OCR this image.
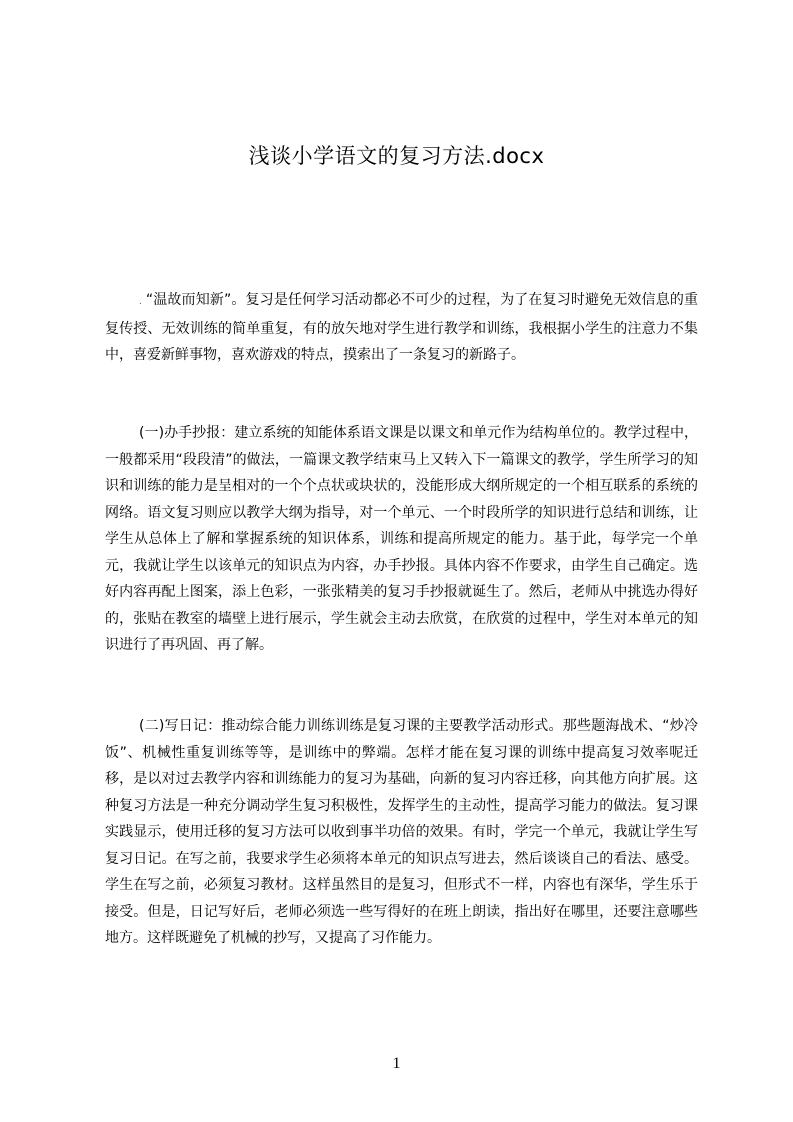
浅谈小学语文的复习方法.docx

. “温故而知新”。复习是任何学习活动都必不可少的过程，为了在复习时避免无效信息的重复传授、无效训练的简单重复，有的放矢地对学生进行教学和训练，我根据小学生的注意力不集中，喜爱新鲜事物，喜欢游戏的特点，摸索出了一条复习的新路子。

(一)办手抄报：建立系统的知能体系语文课是以课文和单元作为结构单位的。教学过程中，一般都采用“段段清”的做法，一篇课文教学结束马上又转入下一篇课文的教学，学生所学习的知识和训练的能力是呈相对的一个个点状或块状的，没能形成大纲所规定的一个相互联系的系统的网络。语文复习则应以教学大纲为指导，对一个单元、一个时段所学的知识进行总结和训练，让学生从总体上了解和掌握系统的知识体系，训练和提高所规定的能力。基于此，每学完一个单元，我就让学生以该单元的知识点为内容，办手抄报。具体内容不作要求，由学生自己确定。选好内容再配上图案，添上色彩，一张张精美的复习手抄报就诞生了。然后，老师从中挑选办得好的，张贴在教室的墙壁上进行展示，学生就会主动去欣赏，在欣赏的过程中，学生对本单元的知识进行了再巩固、再了解。

(二)写日记：推动综合能力训练训练是复习课的主要教学活动形式。那些题海战术、“炒冷饭”、机械性重复训练等等，是训练中的弊端。怎样才能在复习课的训练中提高复习效率呢迁移，是以对过去教学内容和训练能力的复习为基础，向新的复习内容迁移，向其他方向扩展。这种复习方法是一种充分调动学生复习积极性，发挥学生的主动性，提高学习能力的做法。复习课实践显示，使用迁移的复习方法可以收到事半功倍的效果。有时，学完一个单元，我就让学生写复习日记。在写之前，我要求学生必须将本单元的知识点写进去，然后谈谈自己的看法、感受。学生在写之前，必须复习教材。这样虽然目的是复习，但形式不一样，内容也有深华，学生乐于接受。但是，日记写好后，老师必须选一些写得好的在班上朗读，指出好在哪里，还要注意哪些地方。这样既避免了机械的抄写，又提高了习作能力。

1
